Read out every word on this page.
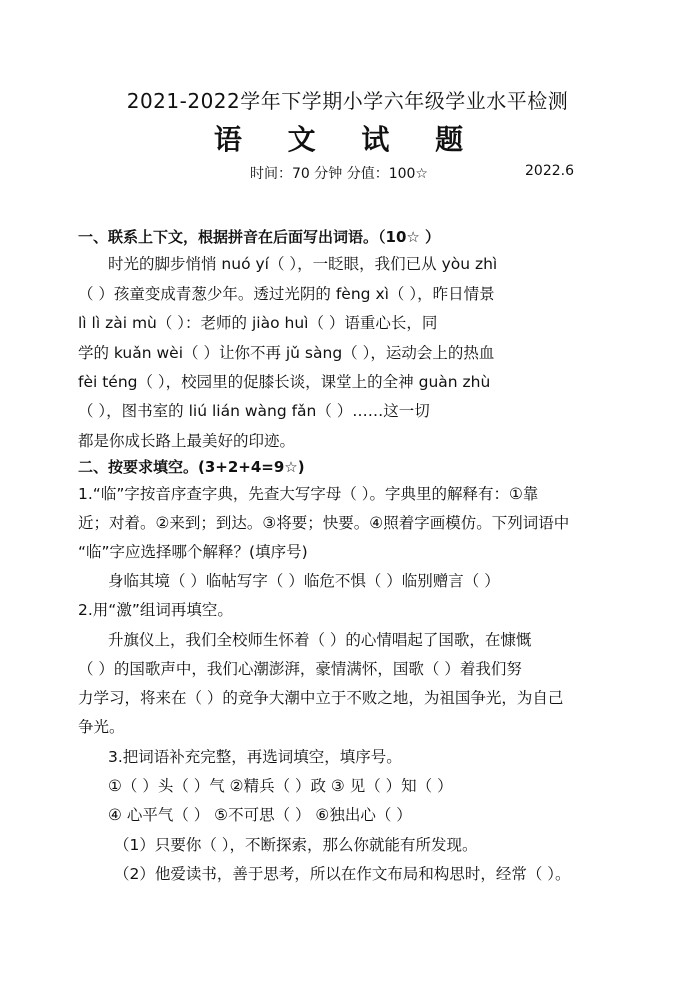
2021-2022学年下学期小学六年级学业水平检测
语 文 试 题
时间：70 分钟 分值：100☆	2022.6
一、联系上下文，根据拼音在后面写出词语。（10☆ ）
时光的脚步悄悄 nuó yí（ ），一眨眼，我们已从 yòu zhì
（ ）孩童变成青葱少年。透过光阴的 fèng xì（ ），昨日情景
lì lì zài mù（ ）：老师的 jiào huì（ ）语重心长，同
学的 kuǎn wèi（ ）让你不再 jǔ sàng（ ），运动会上的热血
fèi téng（ ），校园里的促膝长谈，课堂上的全神 guàn zhù
（ ），图书室的 liú lián wàng fǎn（ ）……这一切
都是你成长路上最美好的印迹。
二、按要求填空。(3+2+4=9☆)
1.“临”字按音序查字典，先查大写字母（ ）。字典里的解释有：①靠
近；对着。②来到；到达。③将要；快要。④照着字画模仿。下列词语中
“临”字应选择哪个解释？(填序号)
身临其境（ ）临帖写字（ ）临危不惧（ ）临别赠言（ ）
2.用“激”组词再填空。
升旗仪上，我们全校师生怀着（ ）的心情唱起了国歌，在慷慨
（ ）的国歌声中，我们心潮澎湃，豪情满怀，国歌（ ）着我们努
力学习，将来在（ ）的竞争大潮中立于不败之地，为祖国争光，为自己
争光。
3.把词语补充完整，再选词填空，填序号。
①（ ）头（ ）气 ②精兵（ ）政 ③ 见（ ）知（ ）
④ 心平气（ ） ⑤不可思（ ） ⑥独出心（ ）
（1）只要你（ ），不断探索，那么你就能有所发现。
（2）他爱读书，善于思考，所以在作文布局和构思时，经常（ ）。
